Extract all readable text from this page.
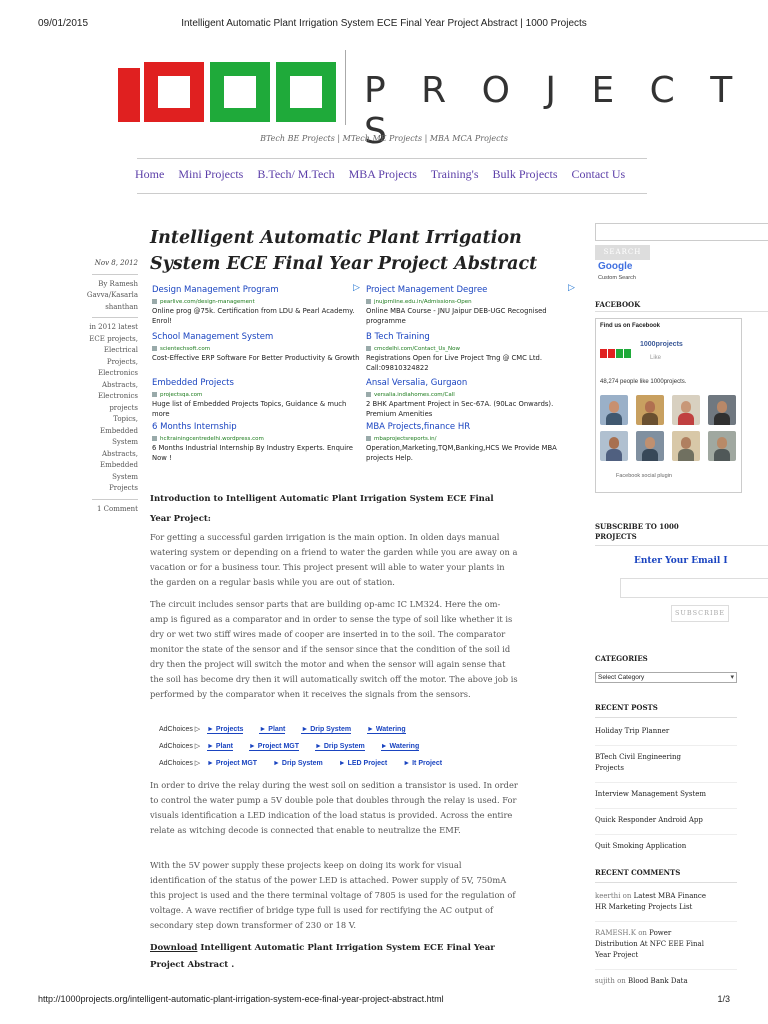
09/01/2015	Intelligent Automatic Plant Irrigation System ECE Final Year Project Abstract | 1000 Projects
P R O J E C T S
BTech BE Projects | MTech ME Projects | MBA MCA Projects
Home Mini Projects B.Tech/ M.Tech MBA Projects Training's Bulk Projects Contact Us
Intelligent Automatic Plant Irrigation System ECE Final Year Project Abstract
Nov 8, 2012
By Ramesh Gavva/Kasarla shanthan
in 2012 latest ECE projects, Electrical Projects, Electronics Abstracts, Electronics projects Topics, Embedded System Abstracts, Embedded System Projects
1 Comment
▷	▷
Design Management Program
pearlive.com/design-management
Online prog @75k. Certification from LDU & Pearl Academy. Enrol!
Project Management Degree
jnujprnline.edu.in/Admissions-Open
Online MBA Course - JNU Jaipur DEB-UGC Recognised programme
School Management System
scientechsoft.com
Cost-Effective ERP Software For Better Productivity & Growth
B Tech Training
cmcdelhi.com/Contact_Us_Now
Registrations Open for Live Project Trng @ CMC Ltd. Call:09810324822
Embedded Projects
projectsqa.com
Huge list of Embedded Projects Topics, Guidance & much more
Ansal Versalia, Gurgaon
versalia.indiahomes.com/Call
2 BHK Apartment Project in Sec-67A. (90Lac Onwards). Premium Amenities
6 Months Internship
hcltrainingcentredelhi.wordpress.com
6 Months Industrial Internship By Industry Experts. Enquire Now !
MBA Projects,finance HR
mbaprojectsreports.in/
Operation,Marketing,TQM,Banking,HCS We Provide MBA projects Help.
Introduction to Intelligent Automatic Plant Irrigation System ECE Final Year Project:

For getting a successful garden irrigation is the main option. In olden days manual watering system or depending on a friend to water the garden while you are away on a vacation or for a business tour. This project present will able to water your plants in the garden on a regular basis while you are out of station.

The circuit includes sensor parts that are building op-amc IC LM324. Here the om-amp is figured as a comparator and in order to sense the type of soil like whether it is dry or wet two stiff wires made of cooper are inserted in to the soil. The comparator monitor the state of the sensor and if the sensor since that the condition of the soil id dry then the project will switch the motor and when the sensor will again sense that the soil has become dry then it will automatically switch off the motor. The above job is performed by the comparator when it receives the signals from the sensors.

AdChoices ▷ ► Projects ► Plant ► Drip System ► Watering
AdChoices ▷ ► Plant ► Project MGT ► Drip System ► Watering
AdChoices ▷ ► Project MGT ► Drip System ► LED Project ► It Project

In order to drive the relay during the west soil on sedition a transistor is used. In order to control the water pump a 5V double pole that doubles through the relay is used. For visuals identification a LED indication of the load status is provided. Across the entire relate as witching decode is connected that enable to neutralize the EMF.

With the 5V power supply these projects keep on doing its work for visual identification of the status of the power LED is attached. Power supply of 5V, 750mA this project is used and the there terminal voltage of 7805 is used for the regulation of voltage. A wave rectifier of bridge type full is used for rectifying the AC output of secondary step down transformer of 230 or 18 V.

Download Intelligent Automatic Plant Irrigation System ECE Final Year Project Abstract .
SEARCH
Google
Custom Search
FACEBOOK
Find us on Facebook
1000projects
Like
48,274 people like 1000projects.
Facebook social plugin
SUBSCRIBE TO 1000 PROJECTS
Enter Your Email I
SUBSCRIBE
CATEGORIES
Select Category ▾
RECENT POSTS
Holiday Trip Planner
BTech Civil Engineering Projects
Interview Management System
Quick Responder Android App
Quit Smoking Application
RECENT COMMENTS
keerthi on Latest MBA Finance HR Marketing Projects List
RAMESH.K on Power Distribution At NFC EEE Final Year Project
sujith on Blood Bank Data
http://1000projects.org/intelligent-automatic-plant-irrigation-system-ece-final-year-project-abstract.html	1/3
